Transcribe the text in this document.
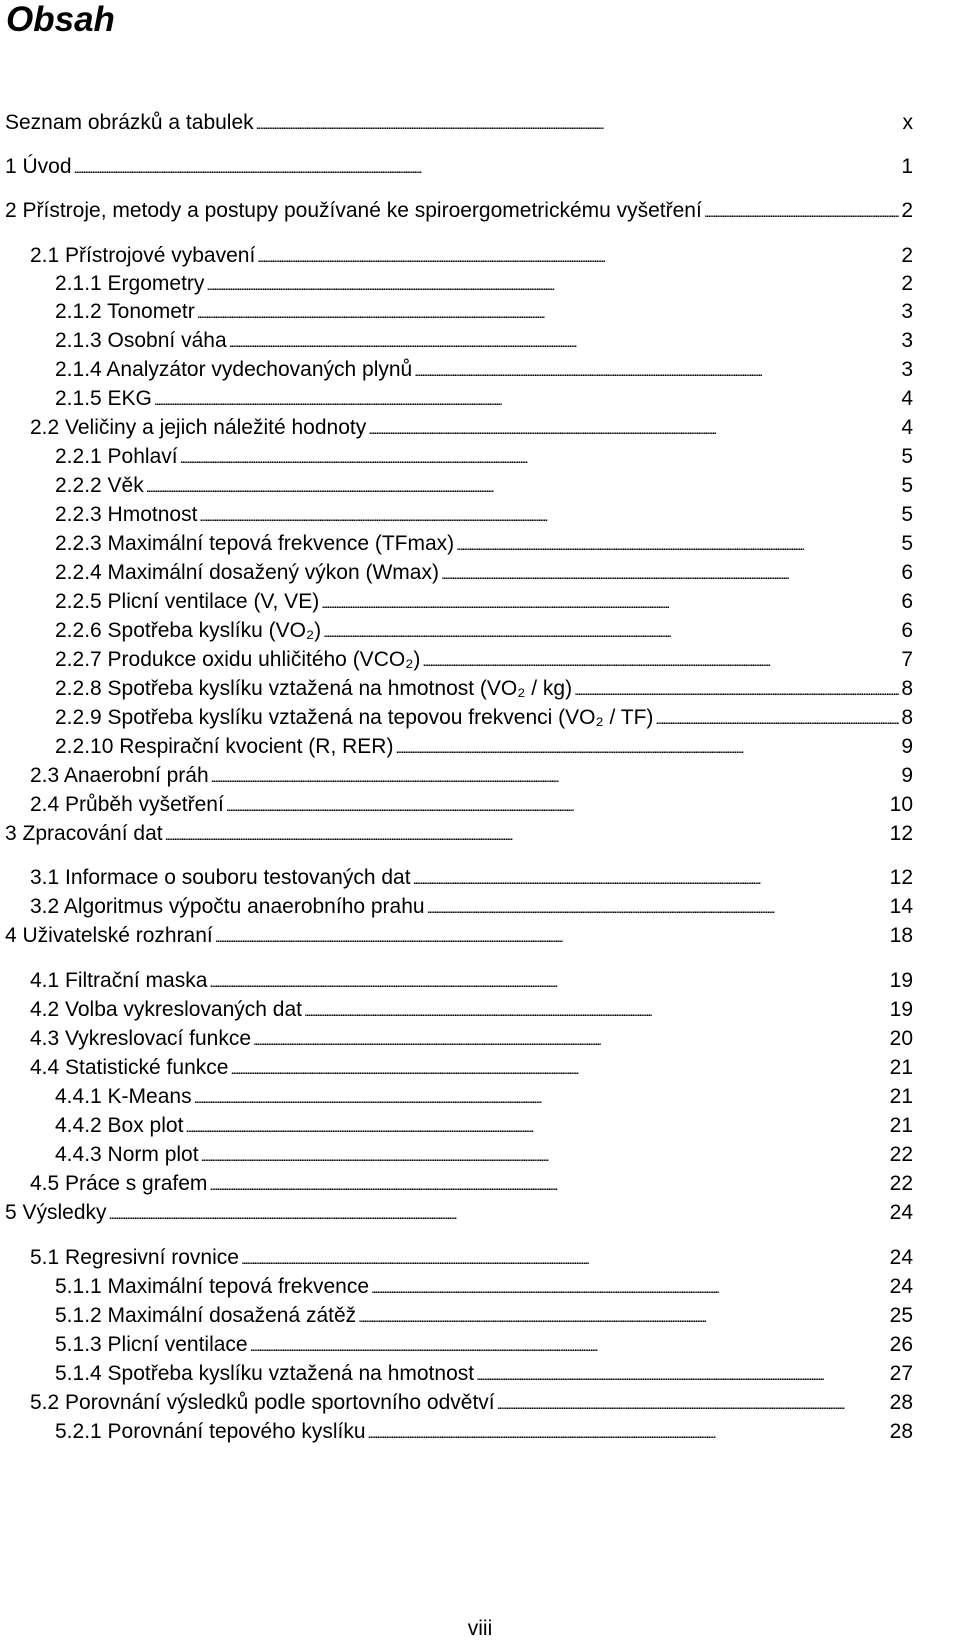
Obsah
Seznam obrázků a tabulek . . .	x
1 Úvod . . .	1
2 Přístroje, metody a postupy používané ke spiroergometrickému vyšetření . . .	2
2.1 Přístrojové vybavení . . .	2
2.1.1 Ergometry . . .	2
2.1.2 Tonometr . . .	3
2.1.3 Osobní váha . . .	3
2.1.4 Analyzátor vydechovaných plynů . . .	3
2.1.5 EKG . . .	4
2.2 Veličiny a jejich náležité hodnoty . . .	4
2.2.1 Pohlaví . . .	5
2.2.2 Věk . . .	5
2.2.3 Hmotnost . . .	5
2.2.3 Maximální tepová frekvence (TFmax) . . .	5
2.2.4 Maximální dosažený výkon (Wmax) . . .	6
2.2.5 Plicní ventilace (V, VE) . . .	6
2.2.6 Spotřeba kyslíku (VO₂) . . .	6
2.2.7 Produkce oxidu uhličitého (VCO₂) . . .	7
2.2.8 Spotřeba kyslíku vztažená na hmotnost (VO₂ / kg) . . .	8
2.2.9 Spotřeba kyslíku vztažená na tepovou frekvenci (VO₂ / TF) . . .	8
2.2.10 Respirační kvocient (R, RER) . . .	9
2.3 Anaerobní práh . . .	9
2.4 Průběh vyšetření . . .	10
3 Zpracování dat . . .	12
3.1 Informace o souboru testovaných dat . . .	12
3.2 Algoritmus výpočtu anaerobního prahu . . .	14
4 Uživatelské rozhraní . . .	18
4.1 Filtrační maska . . .	19
4.2 Volba vykreslovaných dat . . .	19
4.3 Vykreslovací funkce . . .	20
4.4 Statistické funkce . . .	21
4.4.1 K-Means . . .	21
4.4.2 Box plot . . .	21
4.4.3 Norm plot . . .	22
4.5 Práce s grafem . . .	22
5 Výsledky . . .	24
5.1 Regresivní rovnice . . .	24
5.1.1 Maximální tepová frekvence . . .	24
5.1.2 Maximální dosažená zátěž . . .	25
5.1.3 Plicní ventilace . . .	26
5.1.4 Spotřeba kyslíku vztažená na hmotnost . . .	27
5.2 Porovnání výsledků podle sportovního odvětví . . .	28
5.2.1 Porovnání tepového kyslíku . . .	28
viii
